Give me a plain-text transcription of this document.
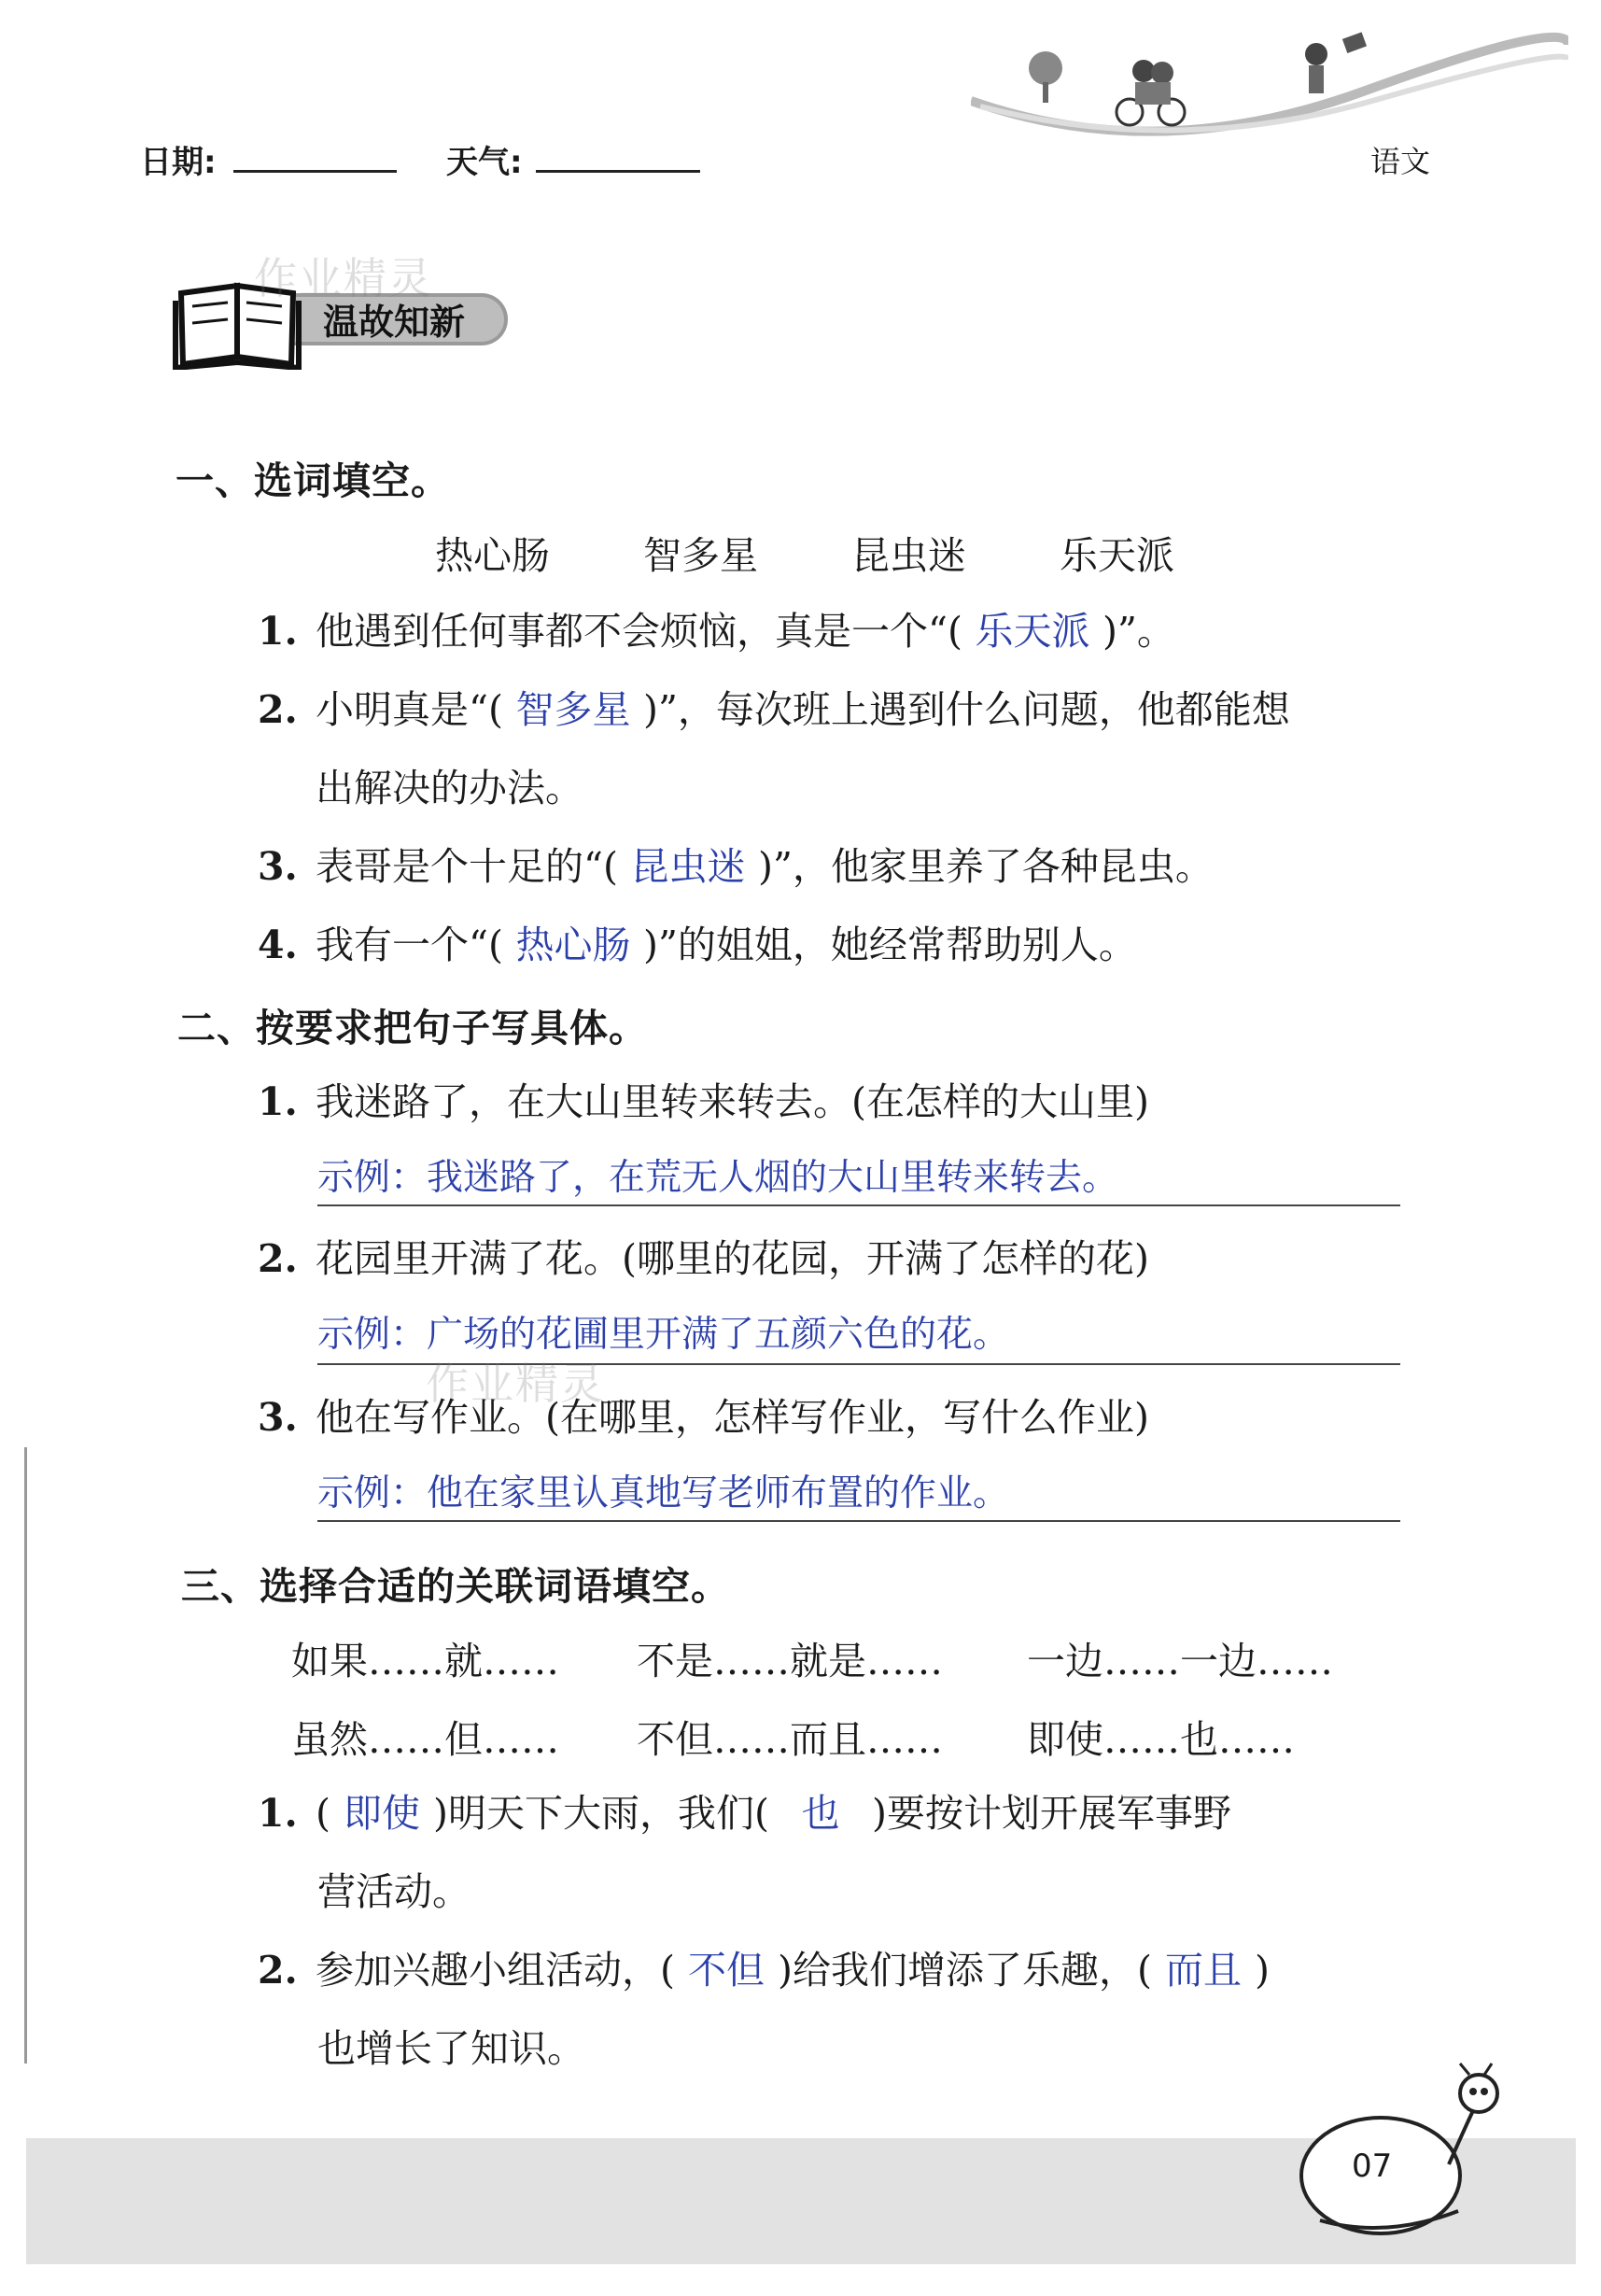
日期:	天气:	语文
温故知新
作业精灵
一、选词填空。
热心肠 智多星 昆虫迷 乐天派
1. 他遇到任何事都不会烦恼，真是一个“( 乐天派 )”。
2. 小明真是“( 智多星 )”，每次班上遇到什么问题，他都能想
出解决的办法。
3. 表哥是个十足的“( 昆虫迷 )”，他家里养了各种昆虫。
4. 我有一个“( 热心肠 )”的姐姐，她经常帮助别人。
二、按要求把句子写具体。
1. 我迷路了，在大山里转来转去。(在怎样的大山里)
示例：我迷路了，在荒无人烟的大山里转来转去。
2. 花园里开满了花。(哪里的花园，开满了怎样的花)
示例：广场的花圃里开满了五颜六色的花。
作业精灵
3. 他在写作业。(在哪里，怎样写作业，写什么作业)
示例：他在家里认真地写老师布置的作业。
三、选择合适的关联词语填空。
如果……就…… 不是……就是…… 一边……一边……
虽然……但…… 不但……而且…… 即使……也……
1. ( 即使 )明天下大雨，我们( 也 )要按计划开展军事野
营活动。
2. 参加兴趣小组活动，( 不但 )给我们增添了乐趣，( 而且 )
也增长了知识。
07
